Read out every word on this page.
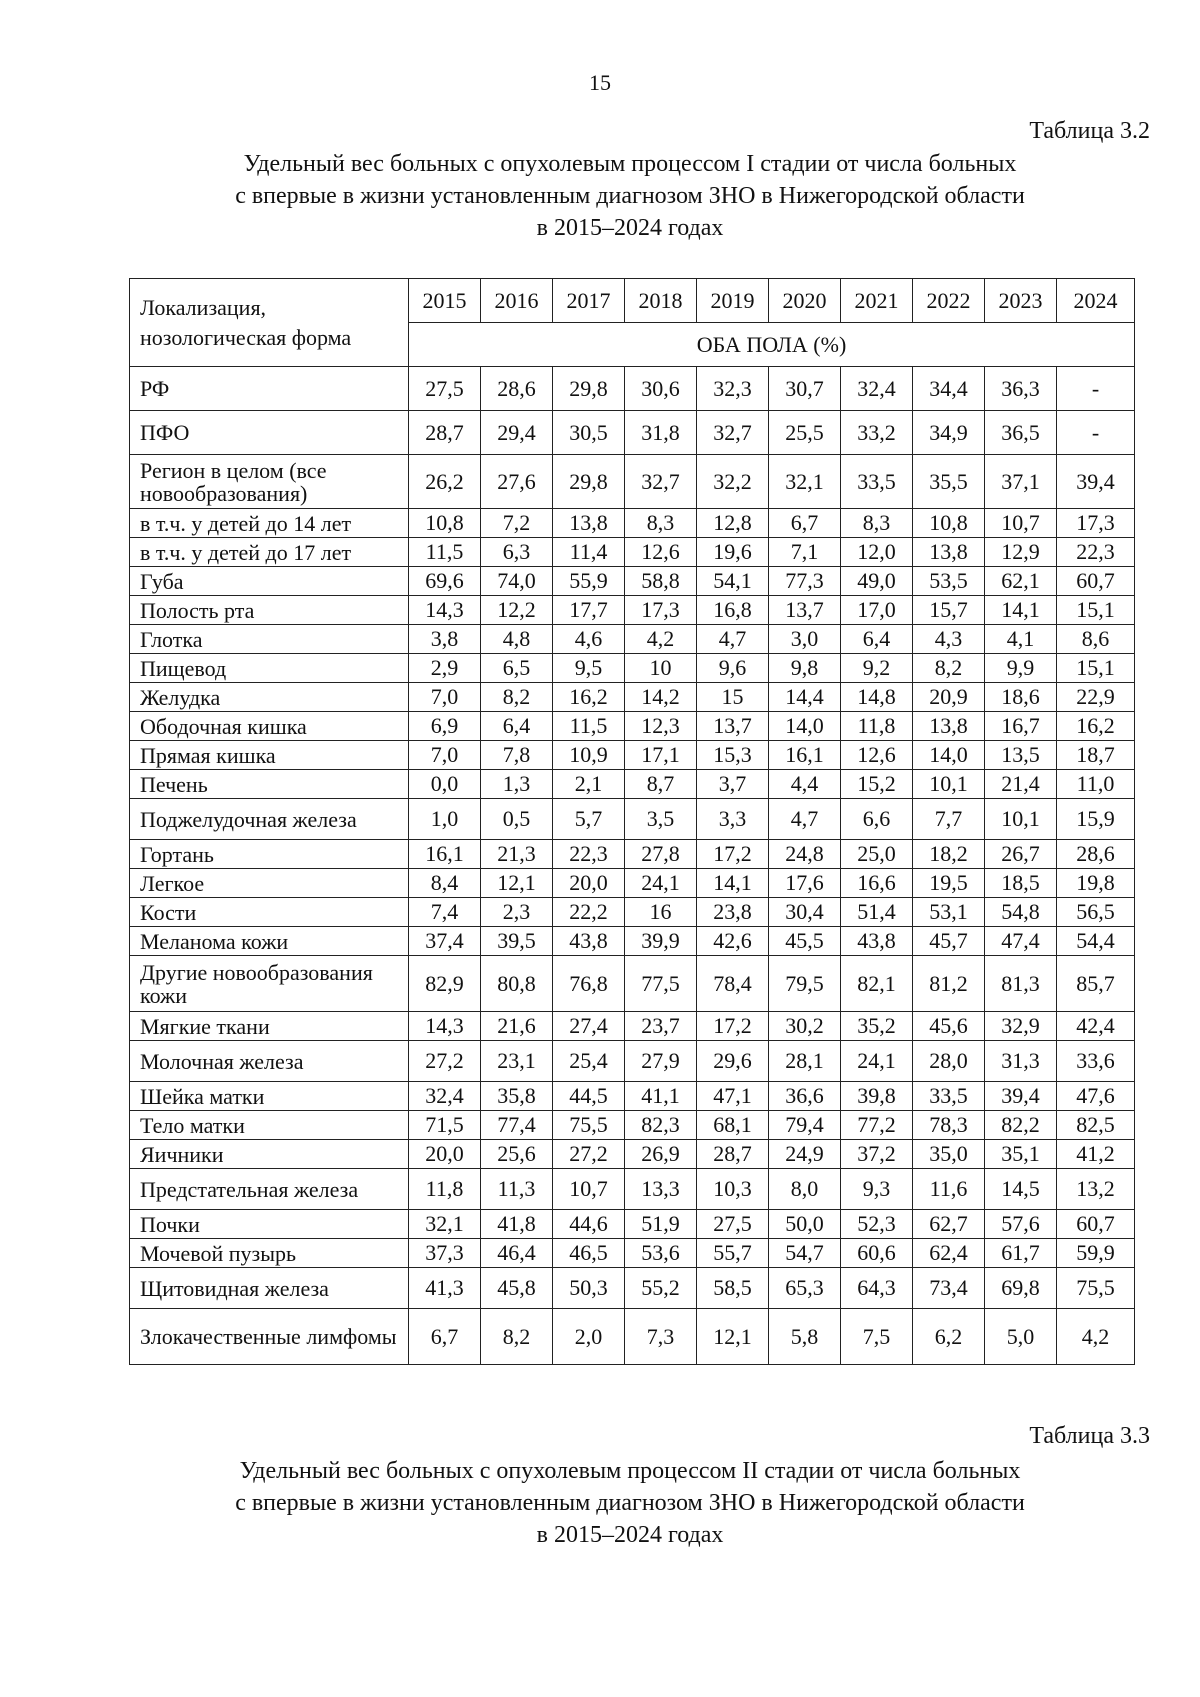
15
Таблица 3.2
Удельный вес больных с опухолевым процессом I стадии от числа больных
с впервые в жизни установленным диагнозом ЗНО в Нижегородской области
в 2015–2024 годах
Локализация, нозологическая форма	2015	2016	2017	2018	2019	2020	2021	2022	2023	2024
	ОБА ПОЛА (%)									
РФ	27,5	28,6	29,8	30,6	32,3	30,7	32,4	34,4	36,3	-
ПФО	28,7	29,4	30,5	31,8	32,7	25,5	33,2	34,9	36,5	-
Регион в целом (все новообразования)	26,2	27,6	29,8	32,7	32,2	32,1	33,5	35,5	37,1	39,4
в т.ч. у детей до 14 лет	10,8	7,2	13,8	8,3	12,8	6,7	8,3	10,8	10,7	17,3
в т.ч. у детей до 17 лет	11,5	6,3	11,4	12,6	19,6	7,1	12,0	13,8	12,9	22,3
Губа	69,6	74,0	55,9	58,8	54,1	77,3	49,0	53,5	62,1	60,7
Полость рта	14,3	12,2	17,7	17,3	16,8	13,7	17,0	15,7	14,1	15,1
Глотка	3,8	4,8	4,6	4,2	4,7	3,0	6,4	4,3	4,1	8,6
Пищевод	2,9	6,5	9,5	10	9,6	9,8	9,2	8,2	9,9	15,1
Желудка	7,0	8,2	16,2	14,2	15	14,4	14,8	20,9	18,6	22,9
Ободочная кишка	6,9	6,4	11,5	12,3	13,7	14,0	11,8	13,8	16,7	16,2
Прямая кишка	7,0	7,8	10,9	17,1	15,3	16,1	12,6	14,0	13,5	18,7
Печень	0,0	1,3	2,1	8,7	3,7	4,4	15,2	10,1	21,4	11,0
Поджелудочная железа	1,0	0,5	5,7	3,5	3,3	4,7	6,6	7,7	10,1	15,9
Гортань	16,1	21,3	22,3	27,8	17,2	24,8	25,0	18,2	26,7	28,6
Легкое	8,4	12,1	20,0	24,1	14,1	17,6	16,6	19,5	18,5	19,8
Кости	7,4	2,3	22,2	16	23,8	30,4	51,4	53,1	54,8	56,5
Меланома кожи	37,4	39,5	43,8	39,9	42,6	45,5	43,8	45,7	47,4	54,4
Другие новообразования кожи	82,9	80,8	76,8	77,5	78,4	79,5	82,1	81,2	81,3	85,7
Мягкие ткани	14,3	21,6	27,4	23,7	17,2	30,2	35,2	45,6	32,9	42,4
Молочная железа	27,2	23,1	25,4	27,9	29,6	28,1	24,1	28,0	31,3	33,6
Шейка матки	32,4	35,8	44,5	41,1	47,1	36,6	39,8	33,5	39,4	47,6
Тело матки	71,5	77,4	75,5	82,3	68,1	79,4	77,2	78,3	82,2	82,5
Яичники	20,0	25,6	27,2	26,9	28,7	24,9	37,2	35,0	35,1	41,2
Предстательная железа	11,8	11,3	10,7	13,3	10,3	8,0	9,3	11,6	14,5	13,2
Почки	32,1	41,8	44,6	51,9	27,5	50,0	52,3	62,7	57,6	60,7
Мочевой пузырь	37,3	46,4	46,5	53,6	55,7	54,7	60,6	62,4	61,7	59,9
Щитовидная железа	41,3	45,8	50,3	55,2	58,5	65,3	64,3	73,4	69,8	75,5
Злокачественные лимфомы	6,7	8,2	2,0	7,3	12,1	5,8	7,5	6,2	5,0	4,2
Таблица 3.3
Удельный вес больных с опухолевым процессом II стадии от числа больных
с впервые в жизни установленным диагнозом ЗНО в Нижегородской области
в 2015–2024 годах
